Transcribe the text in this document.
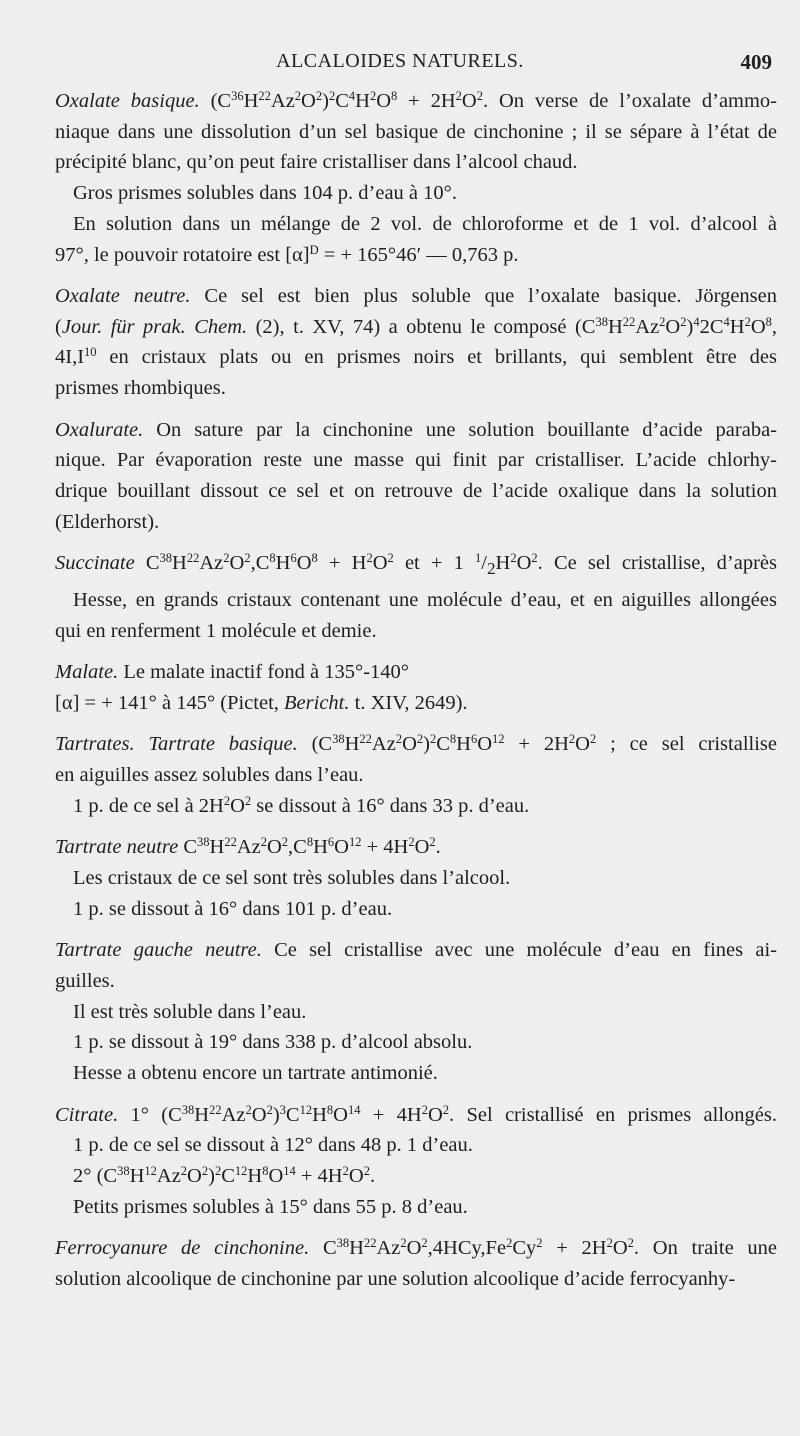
ALCALOIDES NATURELS.	409
Oxalate basique. $(C^{36}H^{22}Az^2O^2)^2C^4H^2O^8 + 2H^2O^2$. On verse de l’oxalate d’ammo-
niaque dans une dissolution d’un sel basique de cinchonine ; il se sépare à l’état de
précipité blanc, qu’on peut faire cristalliser dans l’alcool chaud.
Gros prismes solubles dans 104 p. d’eau à 10°.
En solution dans un mélange de 2 vol. de chloroforme et de 1 vol. d’alcool à
97°, le pouvoir rotatoire est $[\alpha]^D$ = + 165°46′ — 0,763 p.
Oxalate neutre. Ce sel est bien plus soluble que l’oxalate basique. Jörgensen
(Jour. für prak. Chem. (2), t. XV, 74) a obtenu le composé $(C^{38}H^{22}Az^2O^2)^42C^4H^2O^8$,
$4I,I^{10}$ en cristaux plats ou en prismes noirs et brillants, qui semblent être des
prismes rhombiques.
Oxalurate. On sature par la cinchonine une solution bouillante d’acide paraba-
nique. Par évaporation reste une masse qui finit par cristalliser. L’acide chlorhy-
drique bouillant dissout ce sel et on retrouve de l’acide oxalique dans la solution
(Elderhorst).
Succinate $C^{38}H^{22}Az^2O^2,C^8H^6O^8 + H^2O^2$ et + 1 $^1/_2H^2O^2$. Ce sel cristallise, d’après
Hesse, en grands cristaux contenant une molécule d’eau, et en aiguilles allongées
qui en renferment 1 molécule et demie.
Malate. Le malate inactif fond à 135°-140°
[α] = + 141° à 145° (Pictet, Bericht. t. XIV, 2649).
Tartrates. Tartrate basique. $(C^{38}H^{22}Az^2O^2)^2C^8H^6O^{12} + 2H^2O^2$ ; ce sel cristallise
en aiguilles assez solubles dans l’eau.
1 p. de ce sel à $2H^2O^2$ se dissout à 16° dans 33 p. d’eau.
Tartrate neutre $C^{38}H^{22}Az^2O^2,C^8H^6O^{12} + 4H^2O^2$.
Les cristaux de ce sel sont très solubles dans l’alcool.
1 p. se dissout à 16° dans 101 p. d’eau.
Tartrate gauche neutre. Ce sel cristallise avec une molécule d’eau en fines ai-
guilles.
Il est très soluble dans l’eau.
1 p. se dissout à 19° dans 338 p. d’alcool absolu.
Hesse a obtenu encore un tartrate antimonié.
Citrate. 1° $(C^{38}H^{22}Az^2O^2)^3C^{12}H^8O^{14} + 4H^2O^2$. Sel cristallisé en prismes allongés.
1 p. de ce sel se dissout à 12° dans 48 p. 1 d’eau.
2° $(C^{38}H^{12}Az^2O^2)^2C^{12}H^8O^{14} + 4H^2O^2$.
Petits prismes solubles à 15° dans 55 p. 8 d’eau.
Ferrocyanure de cinchonine. $C^{38}H^{22}Az^2O^2,4HCy,Fe^2Cy^2 + 2H^2O^2$. On traite une
solution alcoolique de cinchonine par une solution alcoolique d’acide ferrocyanhy-
